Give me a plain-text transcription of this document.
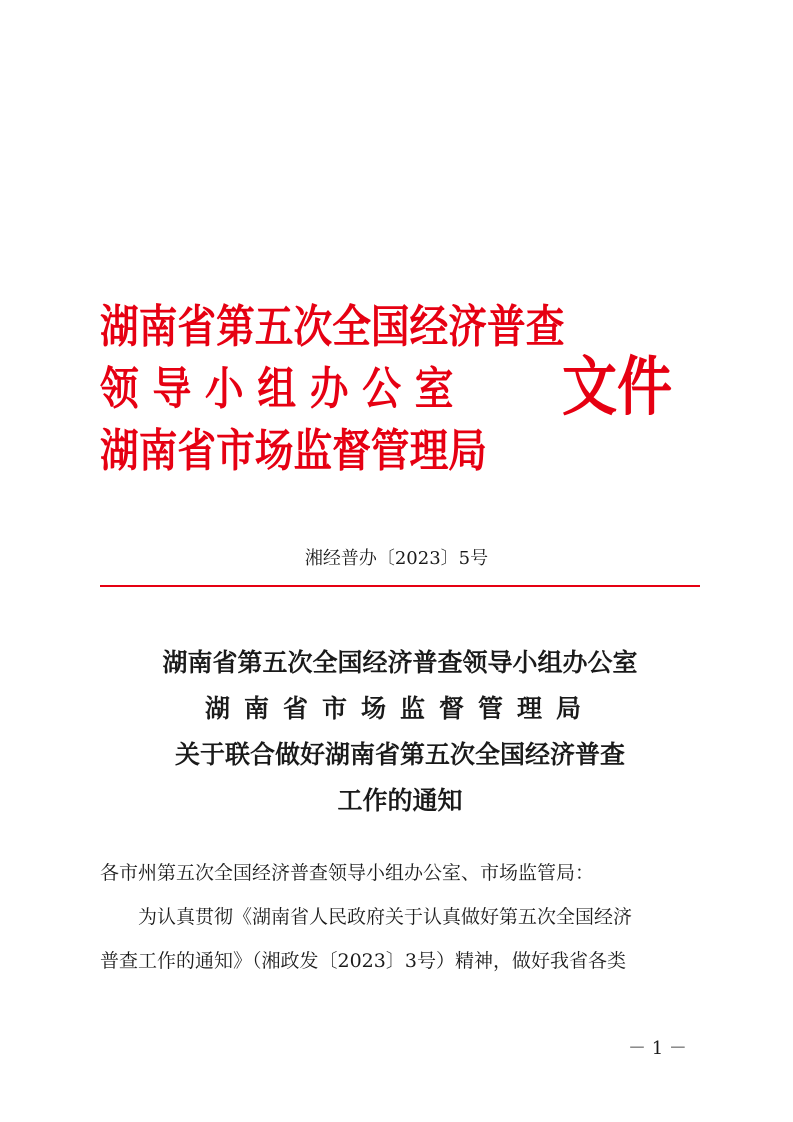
湖南省第五次全国经济普查
领导小组办公室
湖南省市场监督管理局
文件
湘经普办〔2023〕5号
湖南省第五次全国经济普查领导小组办公室
湖南省市场监督管理局
关于联合做好湖南省第五次全国经济普查
工作的通知
各市州第五次全国经济普查领导小组办公室、市场监管局：
为认真贯彻《湖南省人民政府关于认真做好第五次全国经济
普查工作的通知》（湘政发〔2023〕3号）精神，做好我省各类
－ 1 －
